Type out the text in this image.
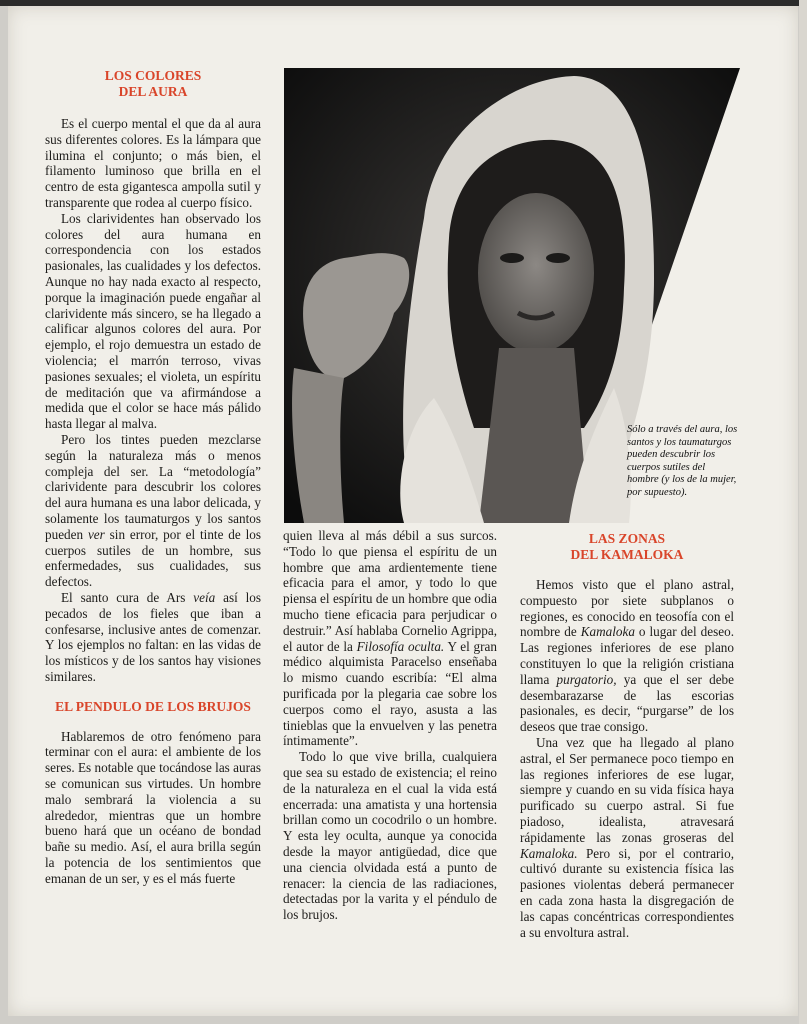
LOS COLORES
DEL AURA

Es el cuerpo mental el que da al aura sus diferentes colores. Es la lámpara que ilumina el conjunto; o más bien, el filamento luminoso que brilla en el centro de esta gigantesca ampolla sutil y transparente que rodea al cuerpo físico.

Los clarividentes han observado los colores del aura humana en correspondencia con los estados pasionales, las cualidades y los defectos. Aunque no hay nada exacto al respecto, porque la imaginación puede engañar al clarividente más sincero, se ha llegado a calificar algunos colores del aura. Por ejemplo, el rojo demuestra un estado de violencia; el marrón terroso, vivas pasiones sexuales; el violeta, un espíritu de meditación que va afirmándose a medida que el color se hace más pálido hasta llegar al malva.

Pero los tintes pueden mezclarse según la naturaleza más o menos compleja del ser. La “metodología” clarividente para descubrir los colores del aura humana es una labor delicada, y solamente los taumaturgos y los santos pueden ver sin error, por el tinte de los cuerpos sutiles de un hombre, sus enfermedades, sus cualidades, sus defectos.

El santo cura de Ars veía así los pecados de los fieles que iban a confesarse, inclusive antes de comenzar. Y los ejemplos no faltan: en las vidas de los místicos y de los santos hay visiones similares.

EL PENDULO DE LOS BRUJOS

Hablaremos de otro fenómeno para terminar con el aura: el ambiente de los seres. Es notable que tocándose las auras se comunican sus virtudes. Un hombre malo sembrará la violencia a su alrededor, mientras que un hombre bueno hará que un océano de bondad bañe su medio. Así, el aura brilla según la potencia de los sentimientos que emanan de un ser, y es el más fuerte

Sólo a través del aura, los santos y los taumaturgos pueden descubrir los cuerpos sutiles del hombre (y los de la mujer, por supuesto).

quien lleva al más débil a sus surcos. “Todo lo que piensa el espíritu de un hombre que ama ardientemente tiene eficacia para el amor, y todo lo que piensa el espíritu de un hombre que odia mucho tiene eficacia para perjudicar o destruir.” Así hablaba Cornelio Agrippa, el autor de la Filosofía oculta. Y el gran médico alquimista Paracelso enseñaba lo mismo cuando escribía: “El alma purificada por la plegaria cae sobre los cuerpos como el rayo, asusta a las tinieblas que la envuelven y las penetra íntimamente”.

Todo lo que vive brilla, cualquiera que sea su estado de existencia; el reino de la naturaleza en el cual la vida está encerrada: una amatista y una hortensia brillan como un cocodrilo o un hombre. Y esta ley oculta, aunque ya conocida desde la mayor antigüedad, dice que una ciencia olvidada está a punto de renacer: la ciencia de las radiaciones, detectadas por la varita y el péndulo de los brujos.

LAS ZONAS
DEL KAMALOKA

Hemos visto que el plano astral, compuesto por siete subplanos o regiones, es conocido en teosofía con el nombre de Kamaloka o lugar del deseo. Las regiones inferiores de ese plano constituyen lo que la religión cristiana llama purgatorio, ya que el ser debe desembarazarse de las escorias pasionales, es decir, “purgarse” de los deseos que trae consigo.

Una vez que ha llegado al plano astral, el Ser permanece poco tiempo en las regiones inferiores de ese lugar, siempre y cuando en su vida física haya purificado su cuerpo astral. Si fue piadoso, idealista, atravesará rápidamente las zonas groseras del Kamaloka. Pero si, por el contrario, cultivó durante su existencia física las pasiones violentas deberá permanecer en cada zona hasta la disgregación de las capas concéntricas correspondientes a su envoltura astral.
